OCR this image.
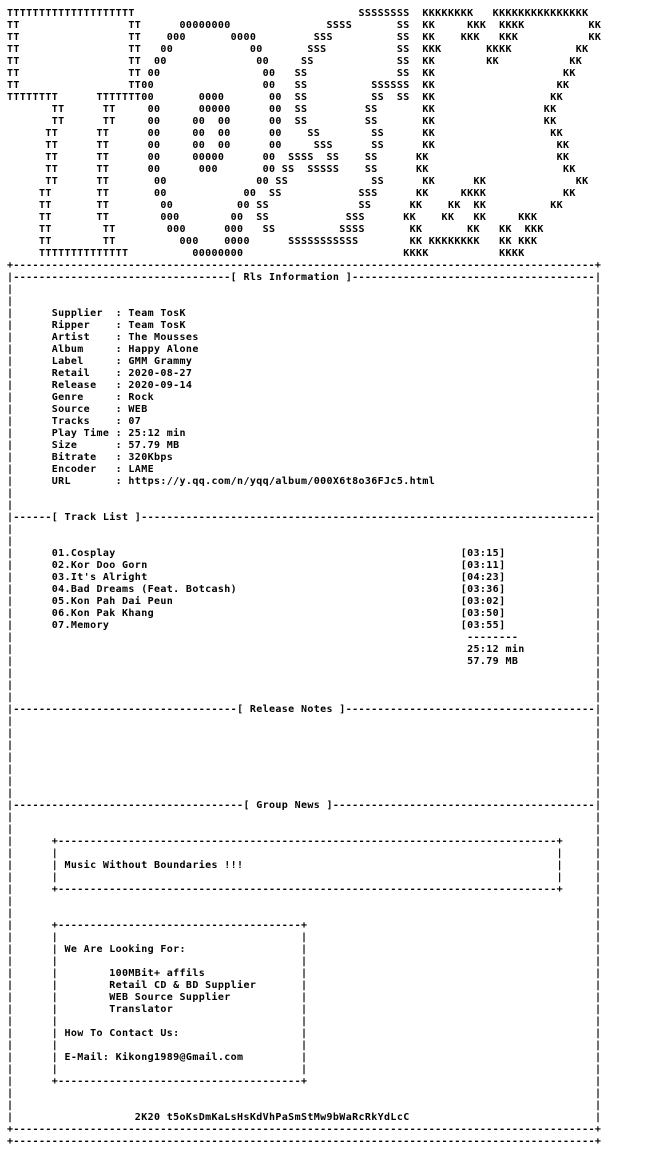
TTTTTTTTTTTTTTTTTTTT                                   SSSSSSSS  KKKKKKKK   KKKKKKKKKKKKKKK
TT                 TT      00000000               SSSS       SS  KK     KKK  KKKK          KK
TT                 TT    000       0000         SSS          SS  KK    KKK   KKK           KK
TT                 TT   00            00       SSS           SS  KKK       KKKK          KK
TT                 TT  00              00     SS             SS  KK        KK           KK
TT                 TT 00                00   SS              SS  KK                    KK
TT                 TT00                 00   SS          SSSSSS  KK                   KK
TTTTTTTT      TTTTTTT00       0000       00  SS          SS  SS  KK                  KK
TT      TT     00      00000      00  SS         SS       KK                 KK
TT      TT     00     00  00      00  SS         SS       KK                 KK
TT      TT      00     00  00      00    SS        SS      KK                  KK
TT      TT      00     00  00      00     SSS      SS      KK                   KK
TT      TT      00     00000      00  SSSS  SS    SS      KK                    KK
TT      TT      00      000       00 SS  SSSSS    SS      KK                     KK
TT      TT       00              00 SS             SS      KK      KK              KK
TT       TT       00            00  SS            SSS      KK     KKKK            KK
TT       TT        00          00 SS              SS      KK    KK  KK          KK
TT       TT        000        00  SS            SSS      KK    KK   KK     KKK
TT        TT        000      000   SS          SSSS       KK       KK   KK  KKK
TT        TT          000    0000      SSSSSSSSSSS        KK KKKKKKKK   KK KKK
TTTTTTTTTTTTTT          00000000                         KKKK           KKKK
+-------------------------------------------------------------------------------------------+
|----------------------------------[ Rls Information ]--------------------------------------|
|	|
|	|
|      Supplier  : Team TosK                                                                |
|      Ripper    : Team TosK                                                                |
|      Artist    : The Mousses                                                              |
|      Album     : Happy Alone                                                              |
|      Label     : GMM Grammy                                                               |
|      Retail    : 2020-08-27                                                               |
|      Release   : 2020-09-14                                                               |
|      Genre     : Rock                                                                     |
|      Source    : WEB                                                                      |
|      Tracks    : 07                                                                       |
|      Play Time : 25:12 min                                                                |
|      Size      : 57.79 MB                                                                 |
|      Bitrate   : 320Kbps                                                                  |
|      Encoder   : LAME                                                                     |
|      URL       : https://y.qq.com/n/yqq/album/000X6t8o36FJc5.html                         |
|	|
|	|
|------[ Track List ]-----------------------------------------------------------------------|
|	|
|	|
|      01.Cosplay                                                      [03:15]              |
|      02.Kor Doo Gorn                                                 [03:11]              |
|      03.It's Alright                                                 [04:23]              |
|      04.Bad Dreams (Feat. Botcash)                                   [03:36]              |
|      05.Kon Pah Dai Peun                                             [03:02]              |
|      06.Kon Pak Khang                                                [03:50]              |
|      07.Memory                                                       [03:55]              |
|                                                                       --------            |
|                                                                       25:12 min           |
|                                                                       57.79 MB            |
|	|
|	|
|	|
|-----------------------------------[ Release Notes ]---------------------------------------|
|	|
|	|
|	|
|	|
|	|
|	|
|	|
|------------------------------------[ Group News ]-----------------------------------------|
|	|
|	|
|      +------------------------------------------------------------------------------+     |
|      |                                                                              |     |
|      | Music Without Boundaries !!!                                                 |     |
|      |                                                                              |     |
|      +------------------------------------------------------------------------------+     |
|	|
|	|
|      +--------------------------------------+                                             |
|      |                                      |                                             |
|      | We Are Looking For:                  |                                             |
|      |                                      |                                             |
|      |        100MBit+ affils               |                                             |
|      |        Retail CD & BD Supplier       |                                             |
|      |        WEB Source Supplier           |                                             |
|      |        Translator                    |                                             |
|      |                                      |                                             |
|      | How To Contact Us:                   |                                             |
|      |                                      |                                             |
|      | E-Mail: Kikong1989@Gmail.com         |                                             |
|      |                                      |                                             |
|      +--------------------------------------+                                             |
|	|
|	|
|                   2K20 t5oKsDmKaLsHsKdVhPaSmStMw9bWaRcRkYdLcC                             |
+-------------------------------------------------------------------------------------------+
+-------------------------------------------------------------------------------------------+
